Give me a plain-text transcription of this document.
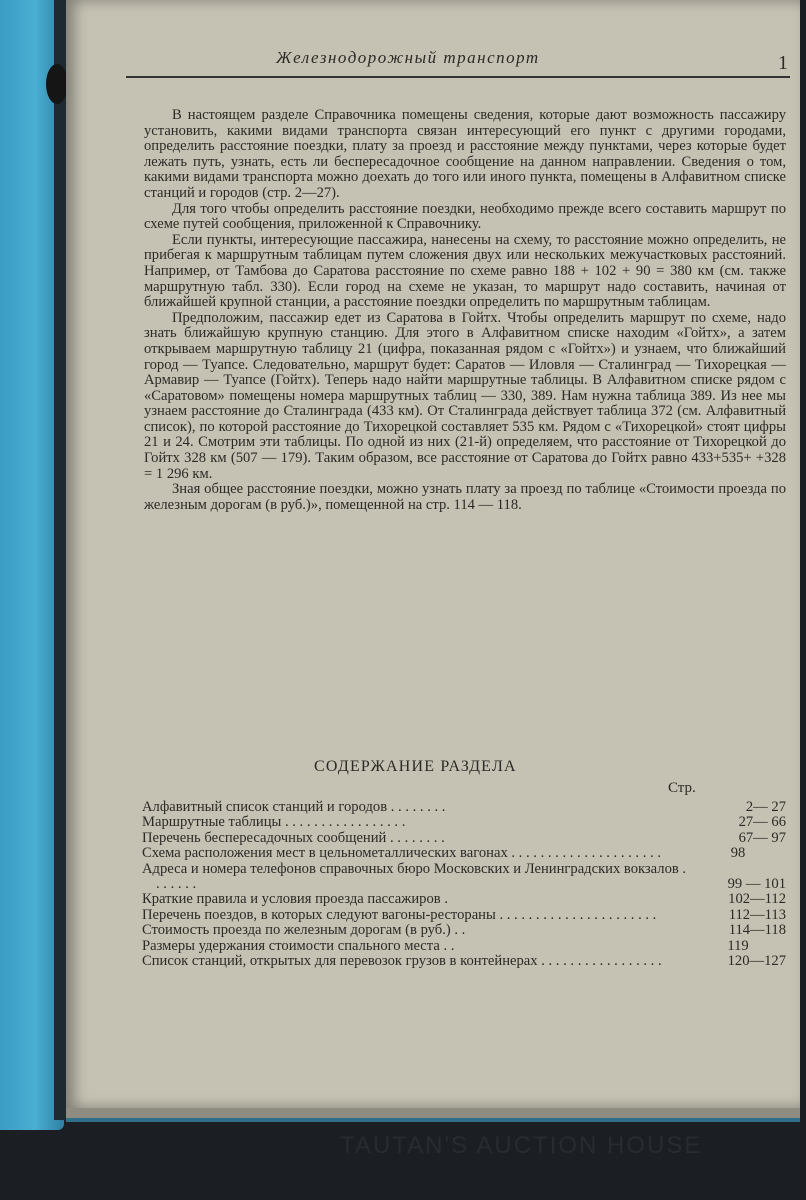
Железнодорожный транспорт	1

В настоящем разделе Справочника помещены сведения, которые дают возможность пассажиру установить, какими видами транспорта связан интересующий его пункт с другими городами, определить расстояние поездки, плату за проезд и расстояние между пунктами, через которые будет лежать путь, узнать, есть ли беспересадочное сообщение на данном направлении. Сведения о том, какими видами транспорта можно доехать до того или иного пункта, помещены в Алфавитном списке станций и городов (стр. 2—27).

Для того чтобы определить расстояние поездки, необходимо прежде всего составить маршрут по схеме путей сообщения, приложенной к Справочнику.

Если пункты, интересующие пассажира, нанесены на схему, то расстояние можно определить, не прибегая к маршрутным таблицам путем сложения двух или нескольких межучастковых расстояний. Например, от Тамбова до Саратова расстояние по схеме равно 188 + 102 + 90 = 380 км (см. также маршрутную табл. 330). Если город на схеме не указан, то маршрут надо составить, начиная от ближайшей крупной станции, а расстояние поездки определить по маршрутным таблицам.

Предположим, пассажир едет из Саратова в Гойтх. Чтобы определить маршрут по схеме, надо знать ближайшую крупную станцию. Для этого в Алфавитном списке находим «Гойтх», а затем открываем маршрутную таблицу 21 (цифра, показанная рядом с «Гойтх») и узнаем, что ближайший город — Туапсе. Следовательно, маршрут будет: Саратов — Иловля — Сталинград — Тихорецкая — Армавир — Туапсе (Гойтх). Теперь надо найти маршрутные таблицы. В Алфавитном списке рядом с «Саратовом» помещены номера маршрутных таблиц — 330, 389. Нам нужна таблица 389. Из нее мы узнаем расстояние до Сталинграда (433 км). От Сталинграда действует таблица 372 (см. Алфавитный список), по которой расстояние до Тихорецкой составляет 535 км. Рядом с «Тихорецкой» стоят цифры 21 и 24. Смотрим эти таблицы. По одной из них (21-й) определяем, что расстояние от Тихорецкой до Гойтх 328 км (507 — 179). Таким образом, все расстояние от Саратова до Гойтх равно 433+535+ +328 = 1 296 км.

Зная общее расстояние поездки, можно узнать плату за проезд по таблице «Стоимости проезда по железным дорогам (в руб.)», помещенной на стр. 114 — 118.

СОДЕРЖАНИЕ РАЗДЕЛА
Стр.
Алфавитный список станций и городов . . . . . . . .	2— 27
Маршрутные таблицы . . . . . . . . . . . . . . . . .	27— 66
Перечень беспересадочных сообщений . . . . . . . .	67— 97
Схема расположения мест в цельнометаллических вагонах . . . . . . . . . . . . . . . . . . . . .	98
Адреса и номера телефонов справочных бюро Московских и Ленинградских вокзалов . . . . . . .	99 — 101
Краткие правила и условия проезда пассажиров .	102—112
Перечень поездов, в которых следуют вагоны-рестораны . . . . . . . . . . . . . . . . . . . . . .	112—113
Стоимость проезда по железным дорогам (в руб.) . .	114—118
Размеры удержания стоимости спального места . .	119
Список станций, открытых для перевозок грузов в контейнерах . . . . . . . . . . . . . . . . .	120—127
TAUTAN'S AUCTION HOUSE
